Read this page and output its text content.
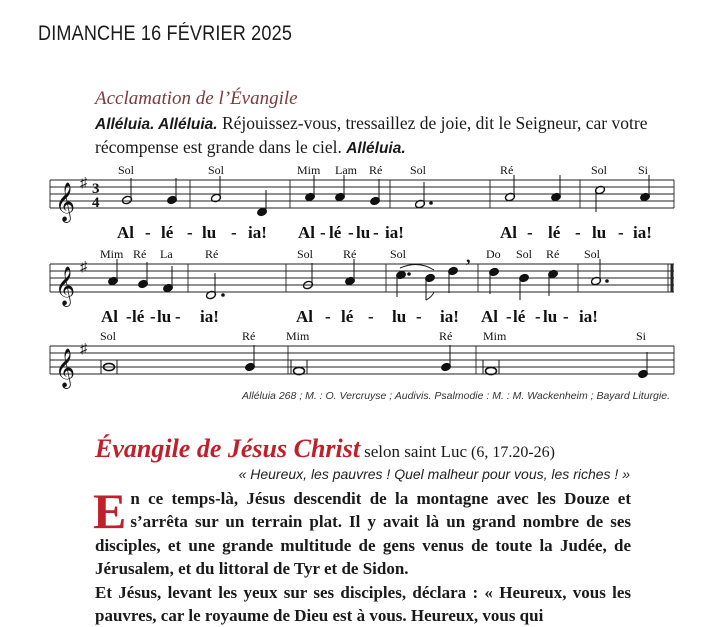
DIMANCHE 16 FÉVRIER 2025
Acclamation de l’Évangile
Alléluia. Alléluia. Réjouissez-vous, tressaillez de joie, dit le Seigneur, car votre récompense est grande dans le ciel. Alléluia.
𝄞
𝄞 ♯ 3
4
Sol	Sol	Mim Lam Ré Sol	Ré	Sol	Si
Al - lé - lu - ia! Al - lé - lu - ia!	Al - lé - lu - ia!
𝄞 ♯
,
Mim Ré La	Ré	Sol Ré	Sol	Do Sol Ré Sol
Al - lé - lu - ia!	Al - lé - lu - ia! Al - lé - lu - ia!
𝄞 ♯
Sol	Ré	Mim	Ré	Mim	Si
Alléluia 268 ; M. : O. Vercruyse ; Audivis. Psalmodie : M. : M. Wackenheim ; Bayard Liturgie.
Évangile de Jésus Christ selon saint Luc (6, 17.20-26)
« Heureux, les pauvres ! Quel malheur pour vous, les riches ! »
En ce temps-là, Jésus descendit de la montagne avec les Douze et s’arrêta sur un terrain plat. Il y avait là un grand nombre de ses disciples, et une grande multitude de gens venus de toute la Judée, de Jérusalem, et du littoral de Tyr et de Sidon.
Et Jésus, levant les yeux sur ses disciples, déclara : « Heureux, vous les pauvres, car le royaume de Dieu est à vous. Heureux, vous qui
